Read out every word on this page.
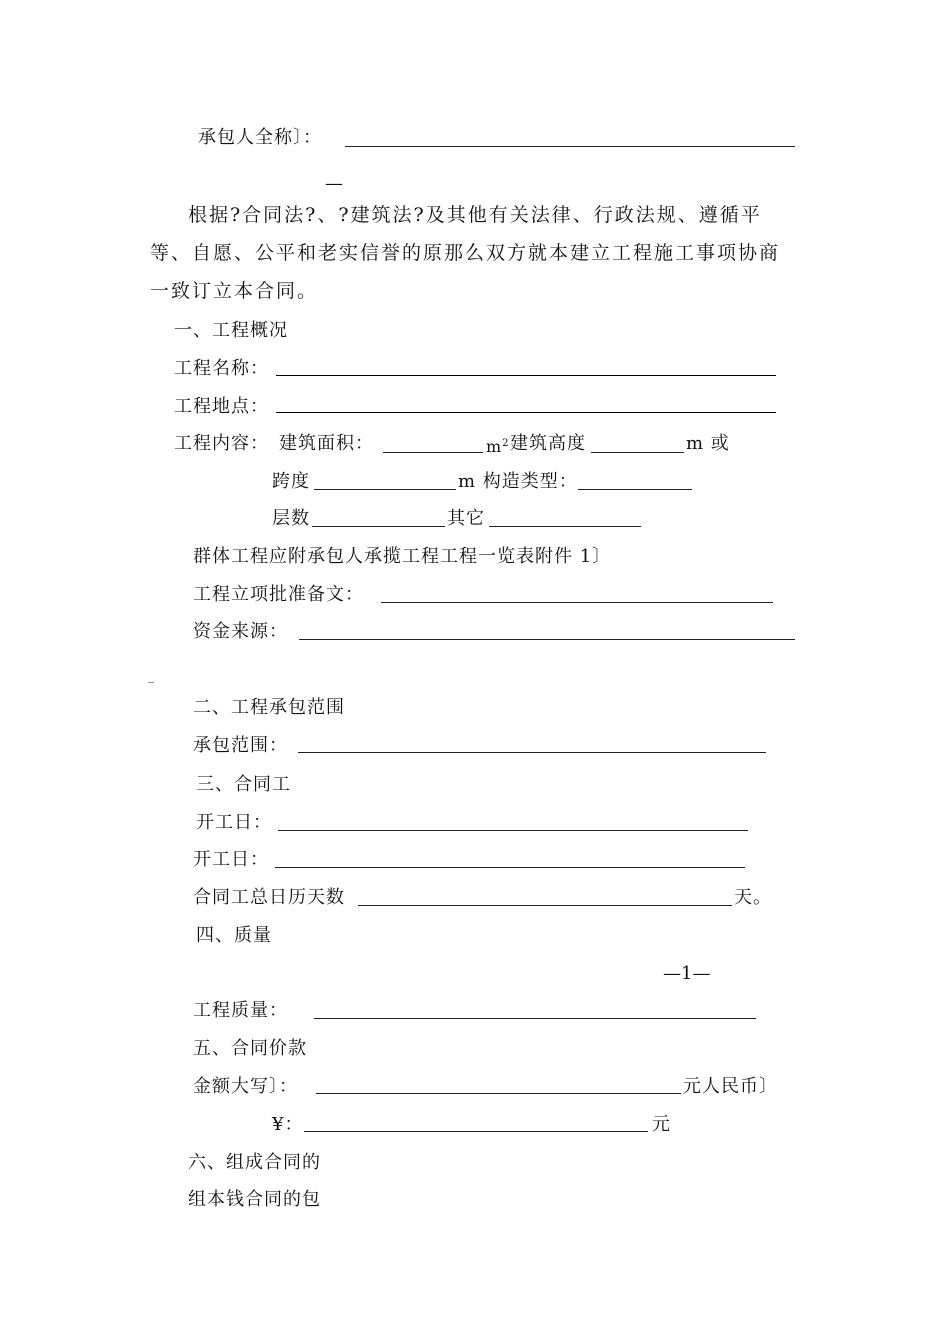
承包人全称〕：
—
根据?合同法?、?建筑法?及其他有关法律、行政法规、遵循平等、自愿、公平和老实信誉的原那么双方就本建立工程施工事项协商一致订立本合同。
一、工程概况
工程名称：
工程地点：
工程内容： 建筑面积：	$m^2$ 建筑高度	m 或
跨度	m 构造类型：
层数	其它
群体工程应附承包人承揽工程工程一览表附件 1〕
工程立项批准备文：
资金来源：
_
二、工程承包范围
承包范围：
三、合同工
开工日：
开工日：
合同工总日历天数	天。
四、质量
—1—
工程质量：
五、合同价款
金额大写〕：	元人民币〕
¥：	元
六、组成合同的
组本钱合同的包
